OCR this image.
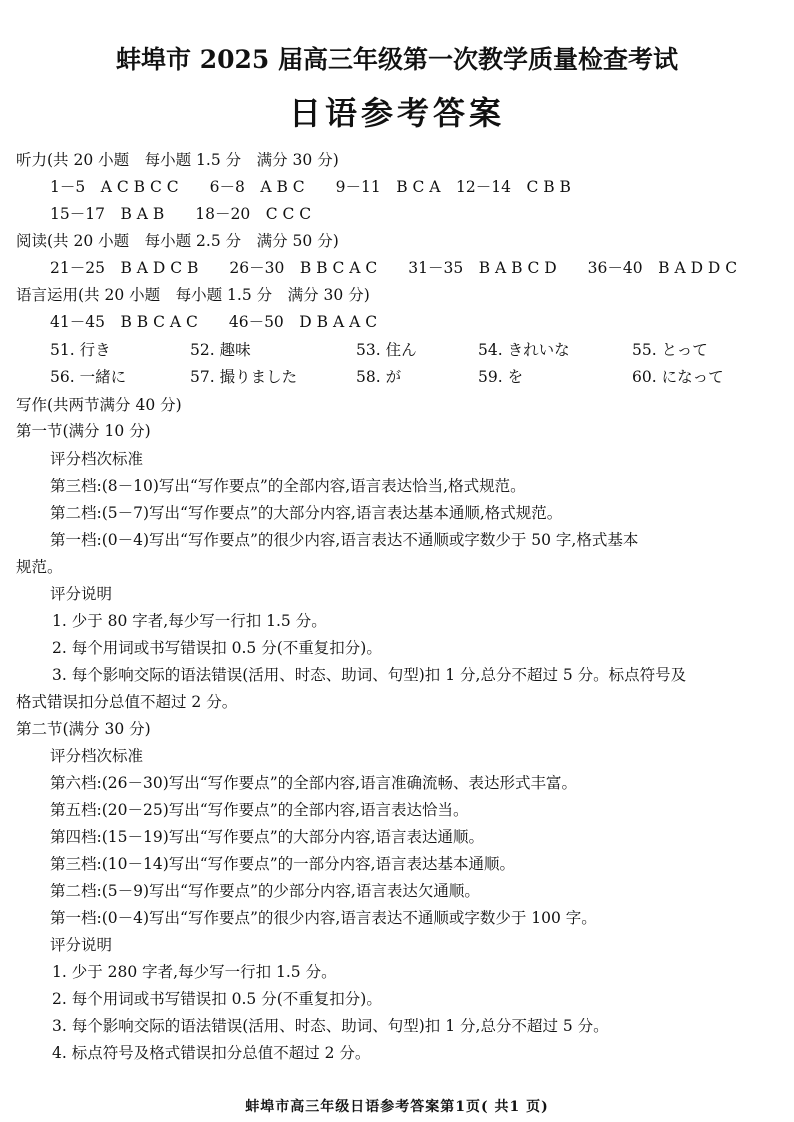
蚌埠市 2025 届高三年级第一次教学质量检查考试
日语参考答案
听力(共 20 小题　每小题 1.5 分　满分 30 分)
1－5　A C B C C　　6－8　A B C　　9－11　B C A　12－14　C B B
15－17　B A B　　18－20　C C C
阅读(共 20 小题　每小题 2.5 分　满分 50 分)
21－25　B A D C B　　26－30　B B C A C　　31－35　B A B C D　　36－40　B A D D C
语言运用(共 20 小题　每小题 1.5 分　满分 30 分)
41－45　B B C A C　　46－50　D B A A C
51. 行き	52. 趣味	53. 住ん	54. きれいな	55. とって
56. 一緒に	57. 撮りました	58. が	59. を	60. になって
写作(共两节满分 40 分)
第一节(满分 10 分)
评分档次标准
第三档:(8－10)写出“写作要点”的全部内容,语言表达恰当,格式规范。
第二档:(5－7)写出“写作要点”的大部分内容,语言表达基本通顺,格式规范。
第一档:(0－4)写出“写作要点”的很少内容,语言表达不通顺或字数少于 50 字,格式基本
规范。
评分说明
1. 少于 80 字者,每少写一行扣 1.5 分。
2. 每个用词或书写错误扣 0.5 分(不重复扣分)。
3. 每个影响交际的语法错误(活用、时态、助词、句型)扣 1 分,总分不超过 5 分。标点符号及
格式错误扣分总值不超过 2 分。
第二节(满分 30 分)
评分档次标准
第六档:(26－30)写出“写作要点”的全部内容,语言准确流畅、表达形式丰富。
第五档:(20－25)写出“写作要点”的全部内容,语言表达恰当。
第四档:(15－19)写出“写作要点”的大部分内容,语言表达通顺。
第三档:(10－14)写出“写作要点”的一部分内容,语言表达基本通顺。
第二档:(5－9)写出“写作要点”的少部分内容,语言表达欠通顺。
第一档:(0－4)写出“写作要点”的很少内容,语言表达不通顺或字数少于 100 字。
评分说明
1. 少于 280 字者,每少写一行扣 1.5 分。
2. 每个用词或书写错误扣 0.5 分(不重复扣分)。
3. 每个影响交际的语法错误(活用、时态、助词、句型)扣 1 分,总分不超过 5 分。
4. 标点符号及格式错误扣分总值不超过 2 分。
蚌埠市高三年级日语参考答案第1页( 共1 页)
